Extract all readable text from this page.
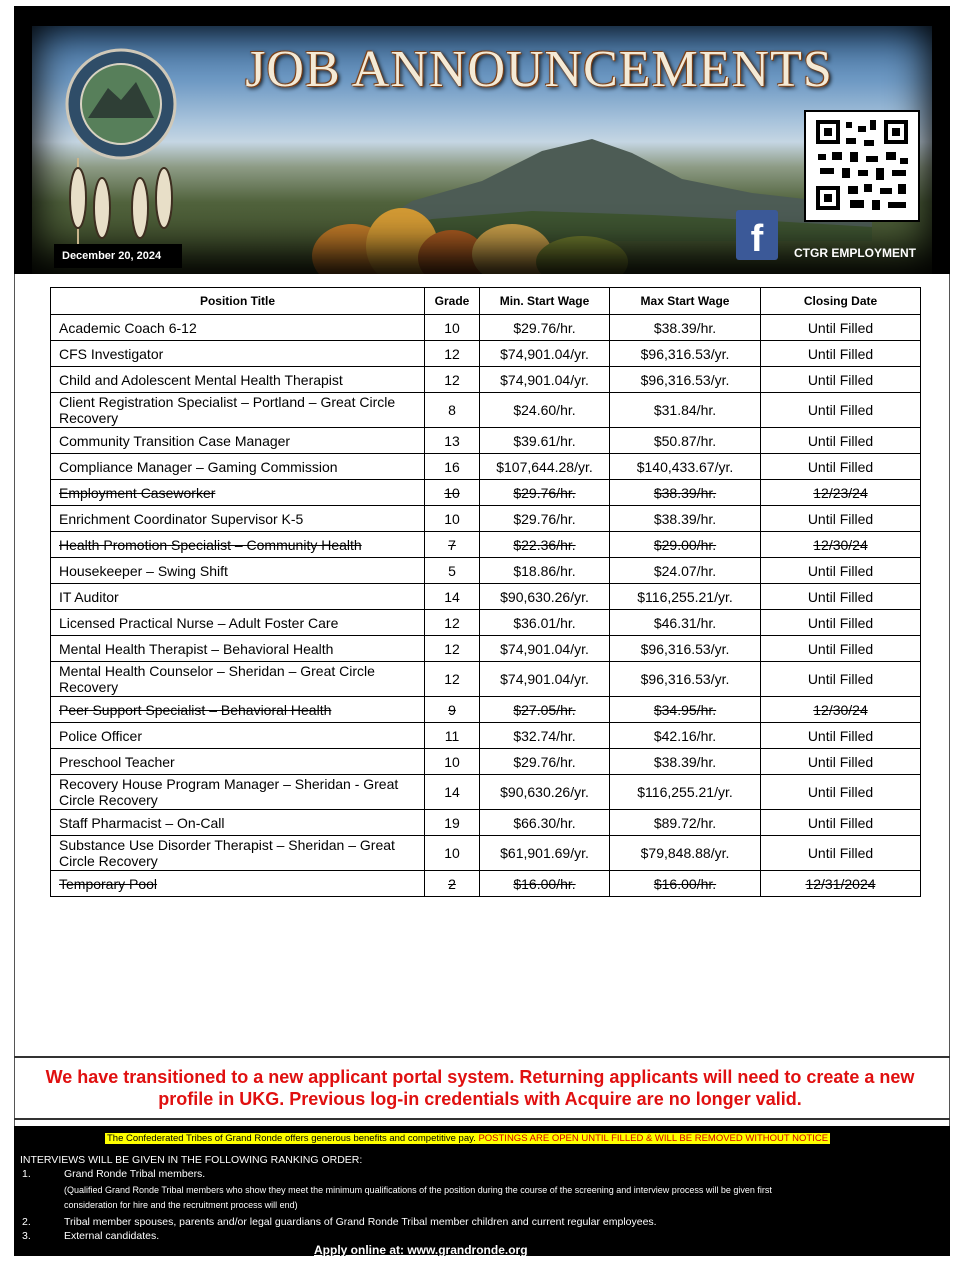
JOB ANNOUNCEMENTS
f	CTGR EMPLOYMENT
December 20, 2024
Position Title	Grade	Min. Start Wage	Max Start Wage	Closing Date
Academic Coach 6-12	10	$29.76/hr.	$38.39/hr.	Until Filled
CFS Investigator	12	$74,901.04/yr.	$96,316.53/yr.	Until Filled
Child and Adolescent Mental Health Therapist	12	$74,901.04/yr.	$96,316.53/yr.	Until Filled
Client Registration Specialist – Portland – Great Circle Recovery	8	$24.60/hr.	$31.84/hr.	Until Filled
Community Transition Case Manager	13	$39.61/hr.	$50.87/hr.	Until Filled
Compliance Manager – Gaming Commission	16	$107,644.28/yr.	$140,433.67/yr.	Until Filled
Employment Caseworker	10	$29.76/hr.	$38.39/hr.	12/23/24
Enrichment Coordinator Supervisor K-5	10	$29.76/hr.	$38.39/hr.	Until Filled
Health Promotion Specialist – Community Health	7	$22.36/hr.	$29.00/hr.	12/30/24
Housekeeper – Swing Shift	5	$18.86/hr.	$24.07/hr.	Until Filled
IT Auditor	14	$90,630.26/yr.	$116,255.21/yr.	Until Filled
Licensed Practical Nurse – Adult Foster Care	12	$36.01/hr.	$46.31/hr.	Until Filled
Mental Health Therapist – Behavioral Health	12	$74,901.04/yr.	$96,316.53/yr.	Until Filled
Mental Health Counselor – Sheridan – Great Circle Recovery	12	$74,901.04/yr.	$96,316.53/yr.	Until Filled
Peer Support Specialist – Behavioral Health	9	$27.05/hr.	$34.95/hr.	12/30/24
Police Officer	11	$32.74/hr.	$42.16/hr.	Until Filled
Preschool Teacher	10	$29.76/hr.	$38.39/hr.	Until Filled
Recovery House Program Manager – Sheridan - Great Circle Recovery	14	$90,630.26/yr.	$116,255.21/yr.	Until Filled
Staff Pharmacist – On-Call	19	$66.30/hr.	$89.72/hr.	Until Filled
Substance Use Disorder Therapist – Sheridan – Great Circle Recovery	10	$61,901.69/yr.	$79,848.88/yr.	Until Filled
Temporary Pool	2	$16.00/hr.	$16.00/hr.	12/31/2024
We have transitioned to a new applicant portal system. Returning applicants will need to create a new profile in UKG. Previous log-in credentials with Acquire are no longer valid.
The Confederated Tribes of Grand Ronde offers generous benefits and competitive pay. POSTINGS ARE OPEN UNTIL FILLED & WILL BE REMOVED WITHOUT NOTICE
INTERVIEWS WILL BE GIVEN IN THE FOLLOWING RANKING ORDER:
1.	Grand Ronde Tribal members.
(Qualified Grand Ronde Tribal members who show they meet the minimum qualifications of the position during the course of the screening and interview process will be given first
consideration for hire and the recruitment process will end)
2.	Tribal member spouses, parents and/or legal guardians of Grand Ronde Tribal member children and current regular employees.
3.	External candidates.
Apply online at: www.grandronde.org
